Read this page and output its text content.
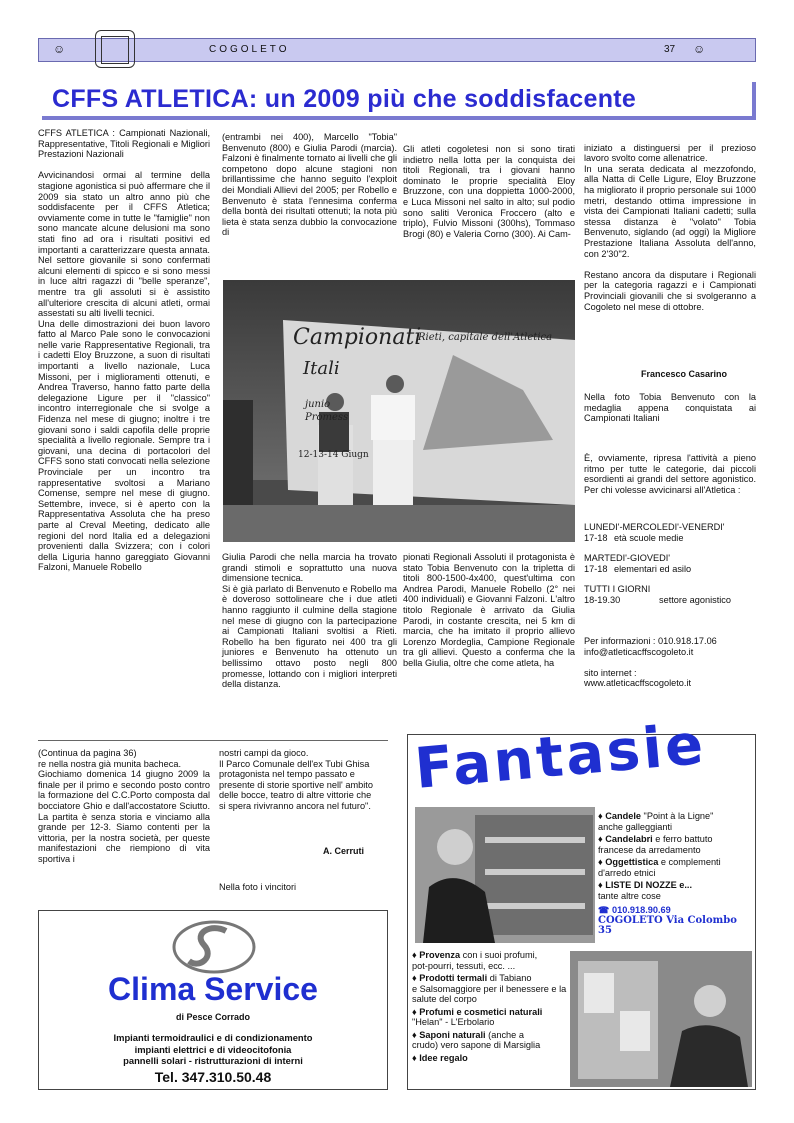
☺	COGOLETO	37 ☺
CFFS ATLETICA: un 2009 più che soddisfacente
CFFS ATLETICA : Campionati Nazionali, Rappresentative, Titoli Regionali e Migliori Prestazioni Nazionali

Avvicinandosi ormai al termine della stagione agonistica si può affermare che il 2009 sia stato un altro anno più che soddisfacente per il CFFS Atletica; ovviamente come in tutte le "famiglie" non sono mancate alcune delusioni ma sono stati fino ad ora i risultati positivi ed importanti a caratterizzare questa annata. Nel settore giovanile si sono confermati alcuni elementi di spicco e si sono messi in luce altri ragazzi di "belle speranze", mentre tra gli assoluti si è assistito all'ulteriore crescita di alcuni atleti, ormai assestati su alti livelli tecnici.
Una delle dimostrazioni dei buon lavoro fatto al Marco Pale sono le convocazioni nelle varie Rappresentative Regionali, tra i cadetti Eloy Bruzzone, a suon di risultati importanti a livello nazionale, Luca Missoni, per i miglioramenti ottenuti, e Andrea Traverso, hanno fatto parte della delegazione Ligure per il "classico" incontro interregionale che si svolge a Fidenza nel mese di giugno; inoltre i tre giovani sono i saldi capofila delle proprie specialità a livello regionale. Sempre tra i giovani, una decina di portacolori del CFFS sono stati convocati nella selezione Provinciale per un incontro tra rappresentative svoltosi a Mariano Comense, sempre nel mese di giugno. Settembre, invece, si è aperto con la Rappresentativa Assoluta che ha preso parte al Creval Meeting, dedicato alle regioni del nord Italia ed a delegazioni provenienti dalla Svizzera; con i colori della Liguria hanno gareggiato Giovanni Falzoni, Manuele Robello
(entrambi nei 400), Marcello "Tobia" Benvenuto (800) e Giulia Parodi (marcia). Falzoni è finalmente tornato ai livelli che gli competono dopo alcune stagioni non brillantissime che hanno seguito l'exploit dei Mondiali Allievi del 2005; per Robello e Benvenuto è stata l'ennesima conferma della bontà dei risultati ottenuti; la nota più lieta è stata senza dubbio la convocazione di
Gli atleti cogoletesi non si sono tirati indietro nella lotta per la conquista dei titoli Regionali, tra i giovani hanno dominato le proprie specialità Eloy Bruzzone, con una doppietta 1000-2000, e Luca Missoni nel salto in alto; sul podio sono saliti Veronica Froccero (alto e triplo), Fulvio Missoni (300hs), Tommaso Brogi (80) e Valeria Corno (300). Ai Cam-

iniziato a distinguersi per il prezioso lavoro svolto come allenatrice.
In una serata dedicata al mezzofondo, alla Natta di Celle Ligure, Eloy Bruzzone ha migliorato il proprio personale sui 1000 metri, destando ottima impressione in vista dei Campionati Italiani cadetti; sulla stessa distanza è "volato" Tobia Benvenuto, siglando (ad oggi) la Migliore Prestazione Italiana Assoluta dell'anno, con 2'30"2.

Restano ancora da disputare i Regionali per la categoria ragazzi e i Campionati Provinciali giovanili che si svolgeranno a Cogoleto nel mese di ottobre.

Francesco Casarino
Nella foto Tobia Benvenuto con la medaglia appena conquistata ai Campionati Italiani
È, ovviamente, ripresa l'attività a pieno ritmo per tutte le categorie, dai piccoli esordienti ai grandi del settore agonistico. Per chi volesse avvicinarsi all'Atletica :
LUNEDI'-MERCOLEDI'-VENERDI'
17-18 età scuole medie
MARTEDI'-GIOVEDI'
17-18 elementari ed asilo
TUTTI I GIORNI
18-19.30	settore agonistico
Per informazioni : 010.918.17.06
info@atleticacffscogoleto.it

sito internet :
www.atleticacffscogoleto.it
Campionati
Rieti, capitale dell'Atletica
Itali
junio
Promess
12-13-14 Giugn
Giulia Parodi che nella marcia ha trovato grandi stimoli e soprattutto una nuova dimensione tecnica.
Si è già parlato di Benvenuto e Robello ma è doveroso sottolineare che i due atleti hanno raggiunto il culmine della stagione nel mese di giugno con la partecipazione ai Campionati Italiani svoltisi a Rieti. Robello ha ben figurato nei 400 tra gli juniores e Benvenuto ha ottenuto un bellissimo ottavo posto negli 800 promesse, lottando con i migliori interpreti della distanza.
pionati Regionali Assoluti il protagonista è stato Tobia Benvenuto con la tripletta di titoli 800-1500-4x400, quest'ultima con Andrea Parodi, Manuele Robello (2° nei 400 individuali) e Giovanni Falzoni. L'altro titolo Regionale è arrivato da Giulia Parodi, in costante crescita, nei 5 km di marcia, che ha imitato il proprio allievo Lorenzo Mordeglia, Campione Regionale tra gli allievi. Questo a conferma che la bella Giulia, oltre che come atleta, ha
(Continua da pagina 36)
re nella nostra già munita bacheca.
Giochiamo domenica 14 giugno 2009 la finale per il primo e secondo posto contro la formazione del C.C.Porto composta dal bocciatore Ghio e dall'accostatore Sciutto. La partita è senza storia e vinciamo alla grande per 12-3. Siamo contenti per la vittoria, per la nostra società, per queste manifestazioni che riempiono di vita sportiva i
nostri campi da gioco.
Il Parco Comunale dell'ex Tubi Ghisa protagonista nel tempo passato e presente di storie sportive nell' ambito delle bocce, teatro di altre vittorie che si spera rivivranno ancora nel futuro".
A. Cerruti
Nella foto i vincitori
Clima Service
di Pesce Corrado
Impianti termoidraulici e di condizionamento
impianti elettrici e di videocitofonia
pannelli solari - ristrutturazioni di interni
Tel. 347.310.50.48
Fantasie
♦ Candele "Point à la Ligne"
anche galleggianti
♦ Candelabri e ferro battuto
francese da arredamento
♦ Oggettistica e complementi
d'arredo etnici
♦ LISTE DI NOZZE e...
tante altre cose
☎ 010.918.90.69
COGOLETO Via Colombo 35
♦ Provenza con i suoi profumi,
pot-pourri, tessuti, ecc. ...
♦ Prodotti termali di Tabiano
e Salsomaggiore per il benessere e la salute del corpo
♦ Profumi e cosmetici naturali
"Helan" - L'Erbolario
♦ Saponi naturali (anche a
crudo) vero sapone di Marsiglia
♦ Idee regalo
